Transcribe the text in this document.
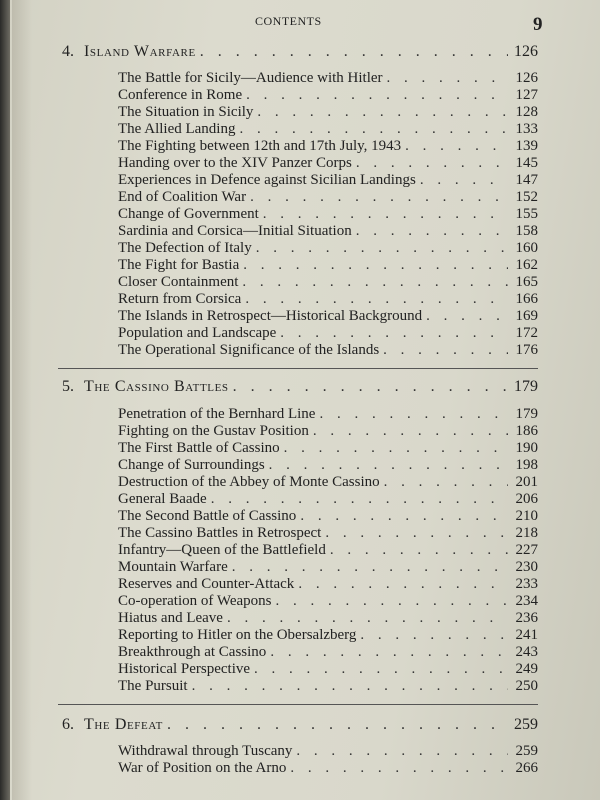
CONTENTS	9
4. Island Warfare . . .	126
The Battle for Sicily—Audience with Hitler . . .	126
Conference in Rome . . .	127
The Situation in Sicily . . .	128
The Allied Landing . . .	133
The Fighting between 12th and 17th July, 1943 . . .	139
Handing over to the XIV Panzer Corps . . .	145
Experiences in Defence against Sicilian Landings . . .	147
End of Coalition War . . .	152
Change of Government . . .	155
Sardinia and Corsica—Initial Situation . . .	158
The Defection of Italy . . .	160
The Fight for Bastia . . .	162
Closer Containment . . .	165
Return from Corsica . . .	166
The Islands in Retrospect—Historical Background . . .	169
Population and Landscape . . .	172
The Operational Significance of the Islands . . .	176
5. The Cassino Battles . . .	179
Penetration of the Bernhard Line . . .	179
Fighting on the Gustav Position . . .	186
The First Battle of Cassino . . .	190
Change of Surroundings . . .	198
Destruction of the Abbey of Monte Cassino . . .	201
General Baade . . .	206
The Second Battle of Cassino . . .	210
The Cassino Battles in Retrospect . . .	218
Infantry—Queen of the Battlefield . . .	227
Mountain Warfare . . .	230
Reserves and Counter-Attack . . .	233
Co-operation of Weapons . . .	234
Hiatus and Leave . . .	236
Reporting to Hitler on the Obersalzberg . . .	241
Breakthrough at Cassino . . .	243
Historical Perspective . . .	249
The Pursuit . . .	250
6. The Defeat . . .	259
Withdrawal through Tuscany . . .	259
War of Position on the Arno . . .	266
